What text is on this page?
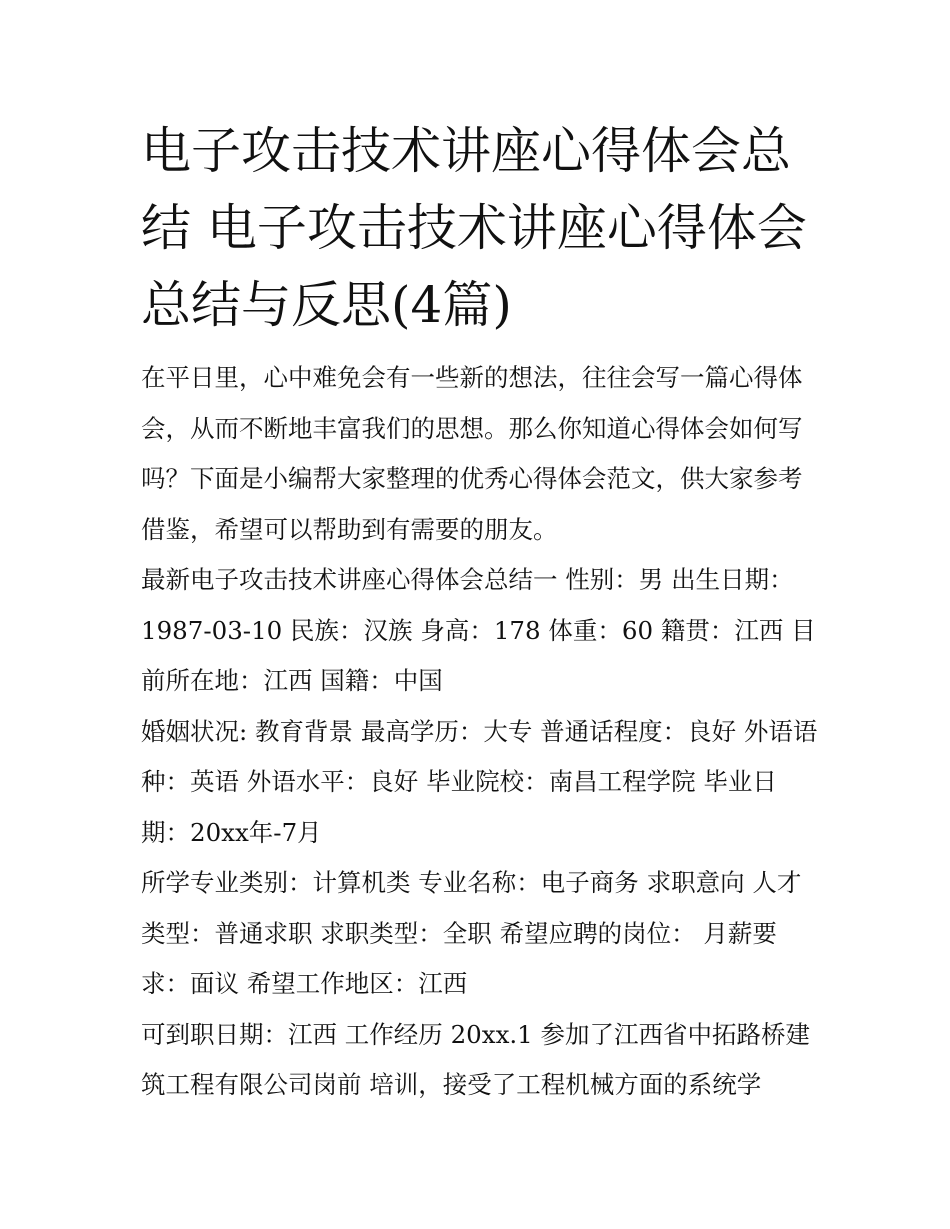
电子攻击技术讲座心得体会总结 电子攻击技术讲座心得体会总结与反思(4篇)

在平日里，心中难免会有一些新的想法，往往会写一篇心得体会，从而不断地丰富我们的思想。那么你知道心得体会如何写吗？下面是小编帮大家整理的优秀心得体会范文，供大家参考借鉴，希望可以帮助到有需要的朋友。

最新电子攻击技术讲座心得体会总结一 性别：男 出生日期：1987-03-10 民族：汉族 身高：178 体重：60 籍贯：江西 目前所在地：江西 国籍：中国

婚姻状况: 教育背景 最高学历：大专 普通话程度：良好 外语语种：英语 外语水平：良好 毕业院校：南昌工程学院 毕业日期：20xx年-7月

所学专业类别：计算机类 专业名称：电子商务 求职意向 人才类型：普通求职 求职类型：全职 希望应聘的岗位： 月薪要求：面议 希望工作地区：江西

可到职日期：江西 工作经历 20xx.1 参加了江西省中拓路桥建筑工程有限公司岗前 培训，接受了工程机械方面的系统学
